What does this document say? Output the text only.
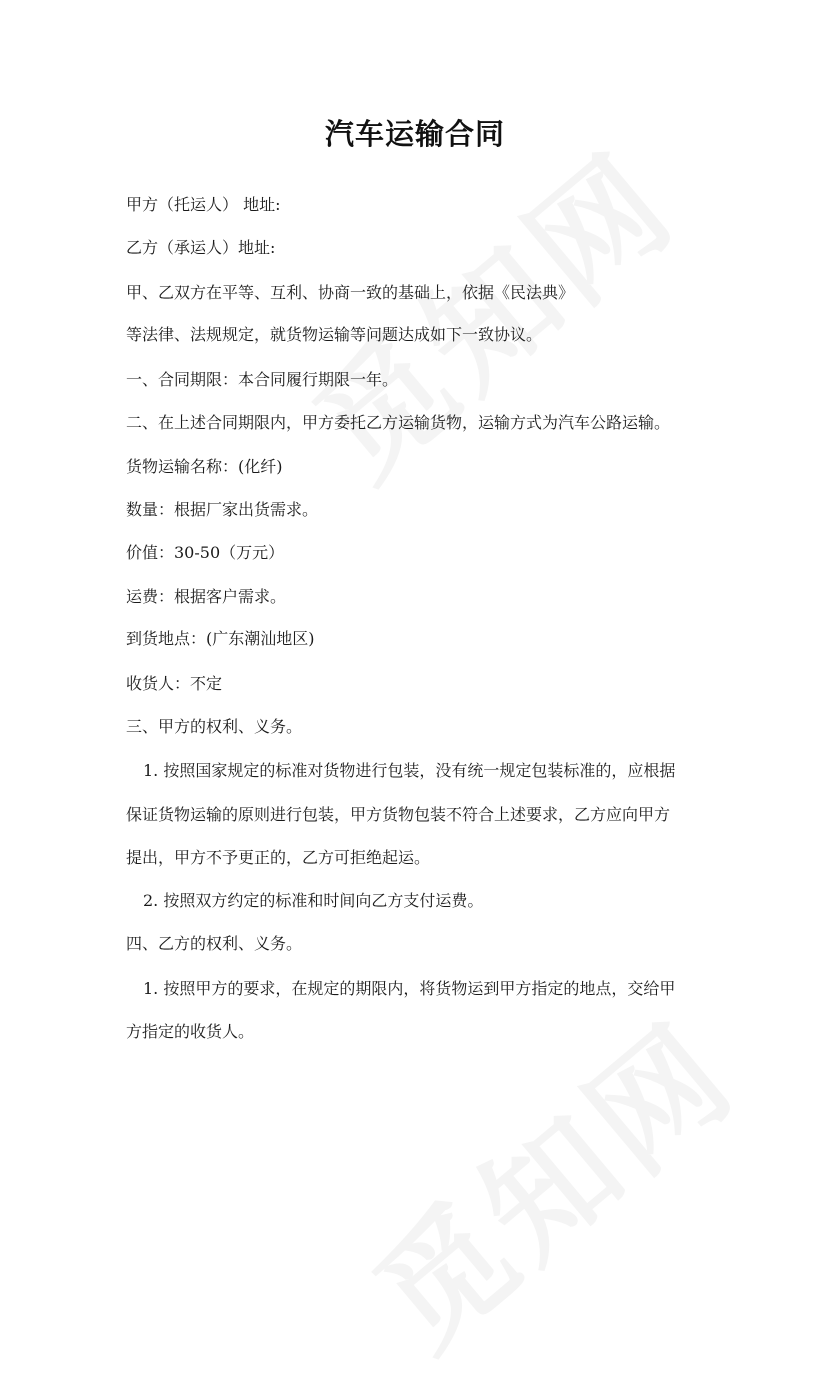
汽车运输合同
甲方（托运人） 地址:
乙方（承运人）地址:
甲、乙双方在平等、互利、协商一致的基础上，依据《民法典》
等法律、法规规定，就货物运输等问题达成如下一致协议。
一、合同期限：本合同履行期限一年。
二、在上述合同期限内，甲方委托乙方运输货物，运输方式为汽车公路运输。
货物运输名称：(化纤)
数量：根据厂家出货需求。
价值：30-50（万元）
运费：根据客户需求。
到货地点：(广东潮汕地区)
收货人：不定
三、甲方的权利、义务。
1. 按照国家规定的标准对货物进行包装，没有统一规定包装标准的，应根据
保证货物运输的原则进行包装，甲方货物包装不符合上述要求，乙方应向甲方
提出，甲方不予更正的，乙方可拒绝起运。
2. 按照双方约定的标准和时间向乙方支付运费。
四、乙方的权利、义务。
1. 按照甲方的要求，在规定的期限内，将货物运到甲方指定的地点，交给甲
方指定的收货人。
